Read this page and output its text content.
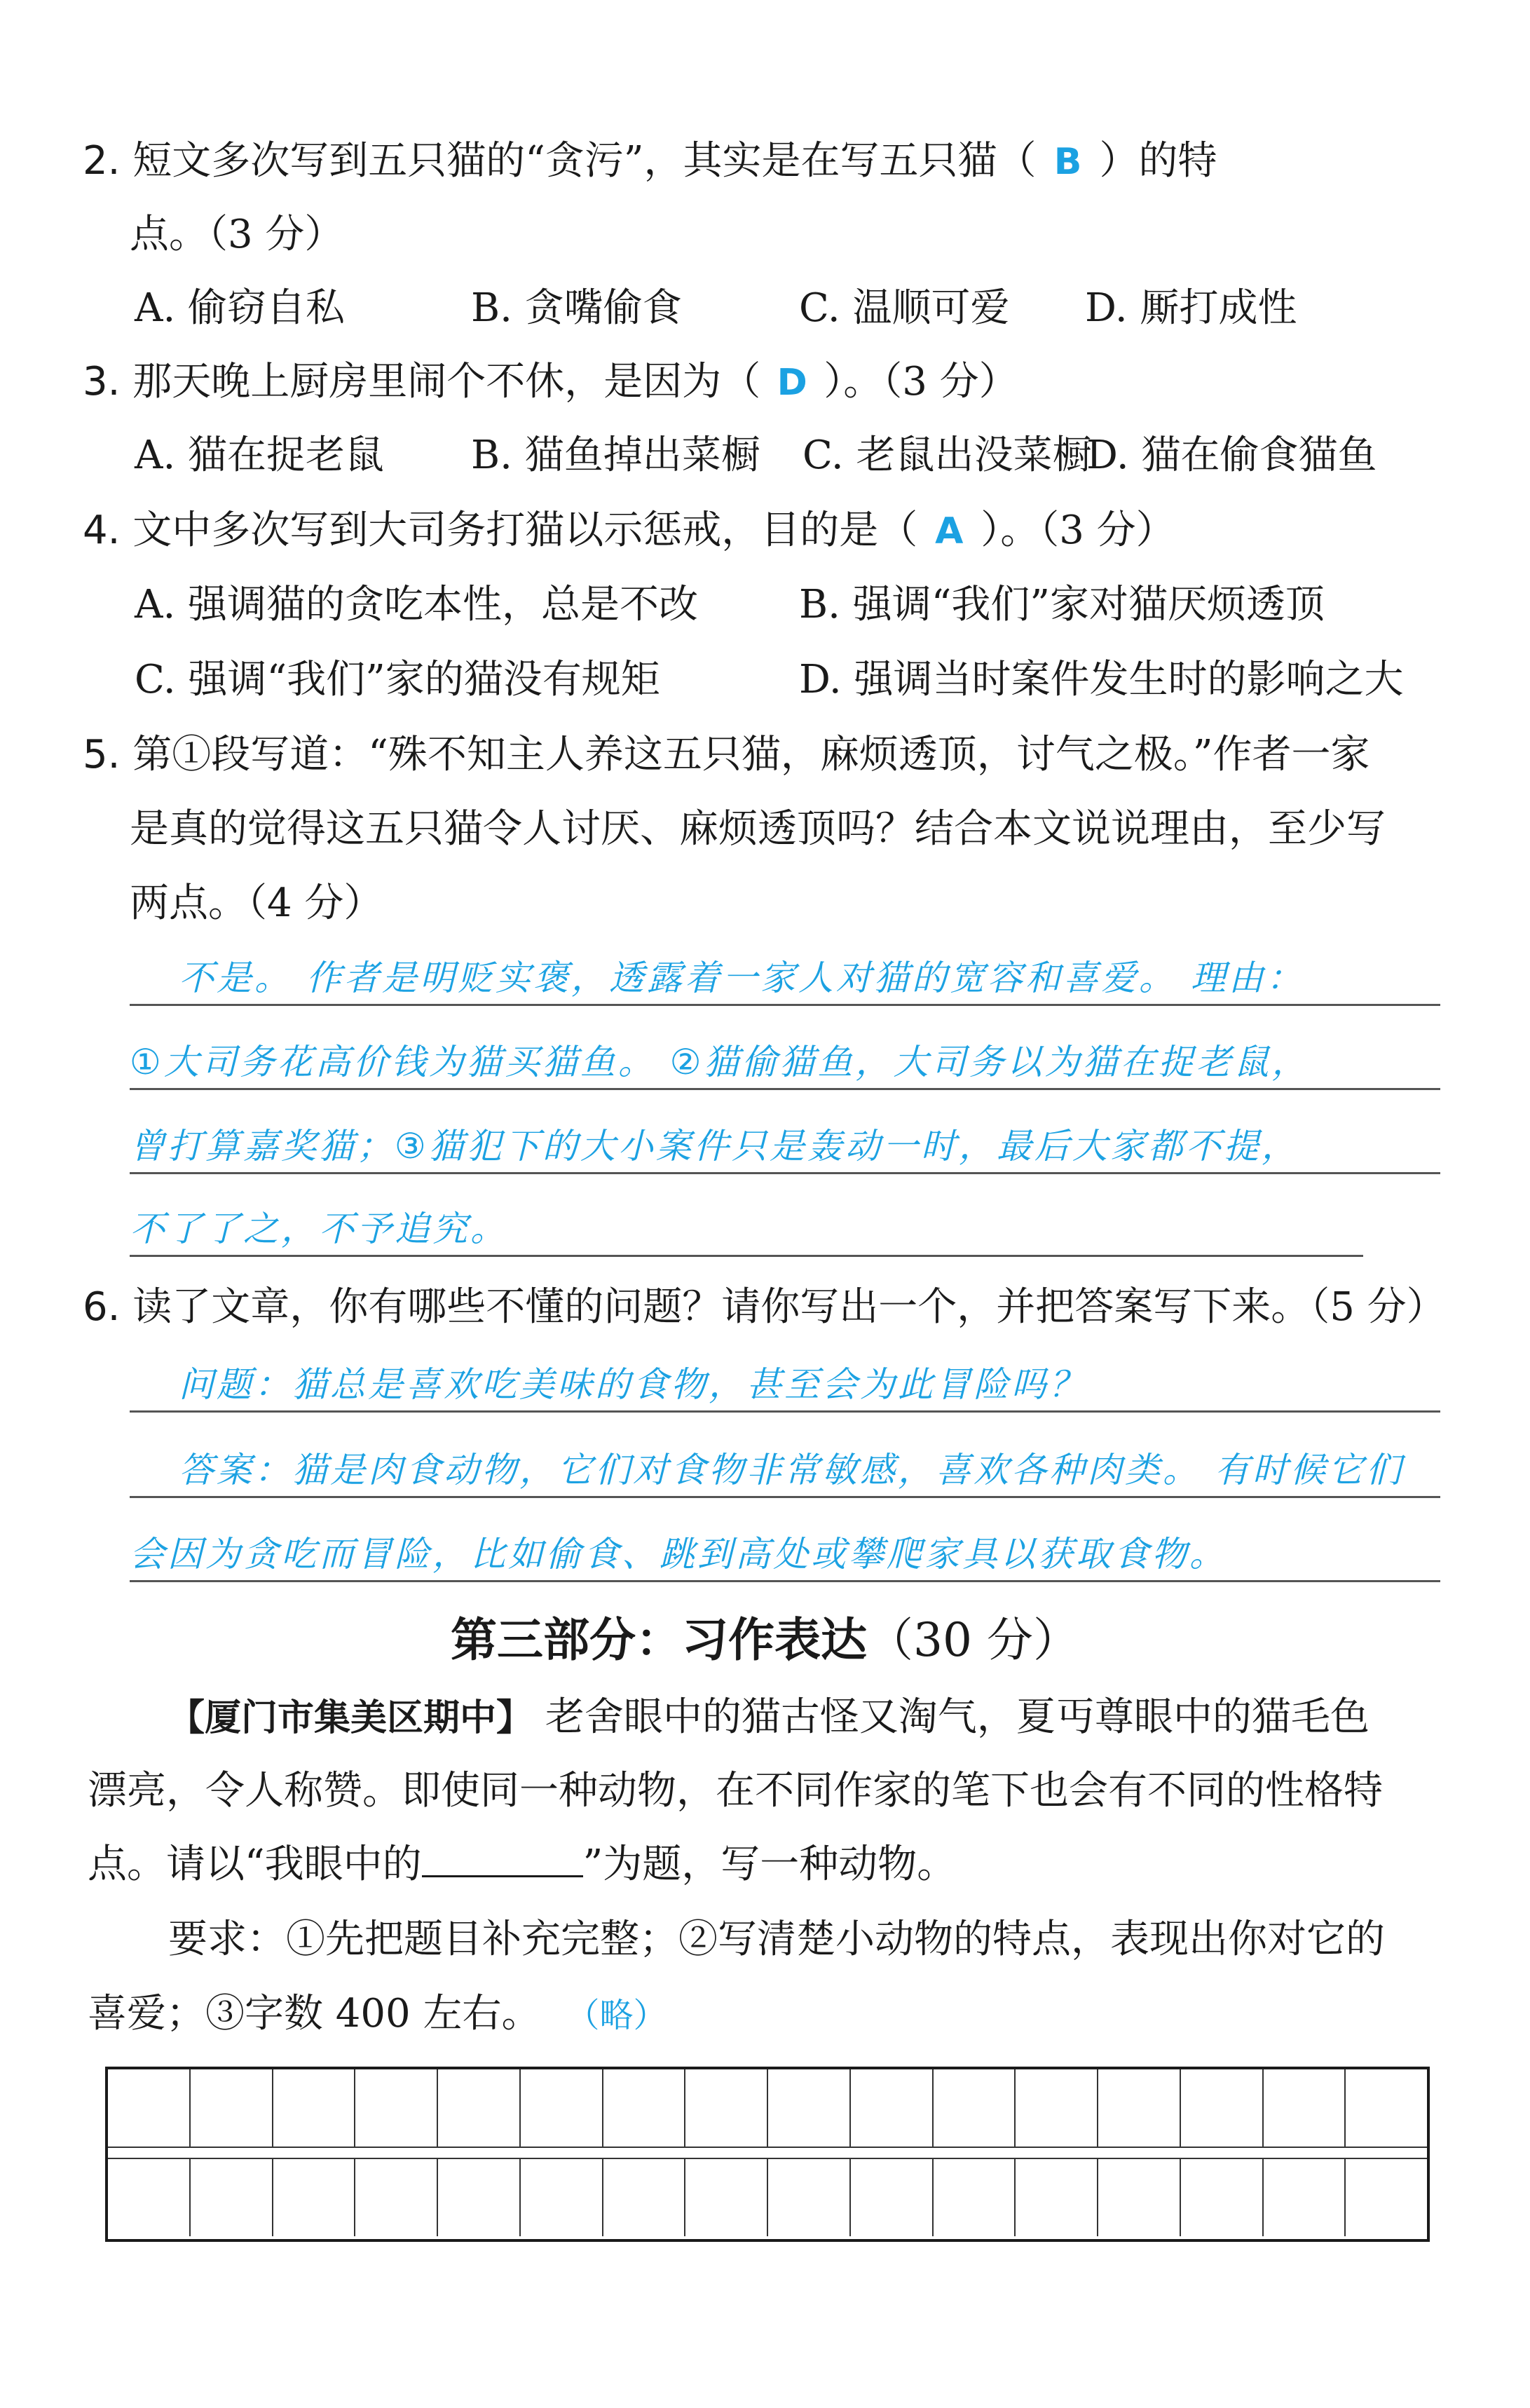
2. 短文多次写到五只猫的“贪污”，其实是在写五只猫（ B ）的特
点。（3 分）
A. 偷窃自私	B. 贪嘴偷食	C. 温顺可爱 D. 厮打成性
3. 那天晚上厨房里闹个不休，是因为（ D ）。（3 分）
A. 猫在捉老鼠 B. 猫鱼掉出菜橱 C. 老鼠出没菜橱
D. 猫在偷食猫鱼
4. 文中多次写到大司务打猫以示惩戒，目的是（ A ）。（3 分）
A. 强调猫的贪吃本性，总是不改	B. 强调“我们”家对猫厌烦透顶
C. 强调“我们”家的猫没有规矩	D. 强调当时案件发生时的影响之大
5. 第①段写道：“殊不知主人养这五只猫，麻烦透顶，讨气之极。”作者一家
是真的觉得这五只猫令人讨厌、麻烦透顶吗？结合本文说说理由，至少写
两点。（4 分）
不是。 作者是明贬实褒，透露着一家人对猫的宽容和喜爱。 理由：
①大司务花高价钱为猫买猫鱼。 ②猫偷猫鱼，大司务以为猫在捉老鼠，
曾打算嘉奖猫；③猫犯下的大小案件只是轰动一时，最后大家都不提，
不了了之，不予追究。
6. 读了文章，你有哪些不懂的问题？请你写出一个，并把答案写下来。（5 分）
问题：猫总是喜欢吃美味的食物，甚至会为此冒险吗？
答案：猫是肉食动物，它们对食物非常敏感，喜欢各种肉类。 有时候它们
会因为贪吃而冒险，比如偷食、跳到高处或攀爬家具以获取食物。
第三部分：习作表达（30 分）
【厦门市集美区期中】 老舍眼中的猫古怪又淘气，夏丏尊眼中的猫毛色
漂亮，令人称赞。即使同一种动物，在不同作家的笔下也会有不同的性格特
点。请以“我眼中的	”为题，写一种动物。
要求：①先把题目补充完整；②写清楚小动物的特点，表现出你对它的
喜爱；③字数 400 左右。 （略）
